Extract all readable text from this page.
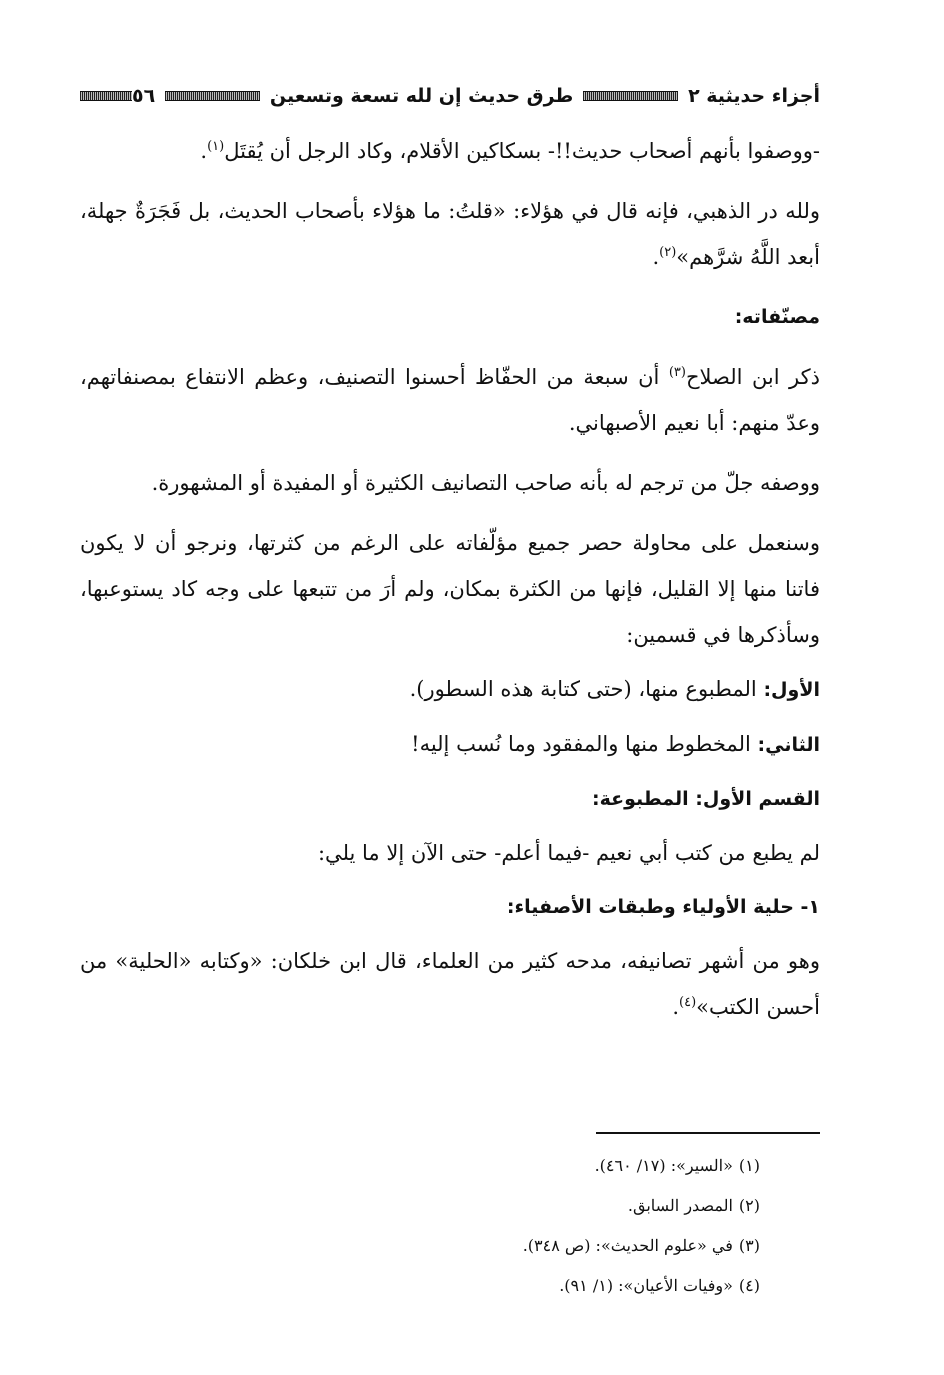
أجزاء حديثية ٢
طرق حديث إن لله تسعة وتسعين
٥٦

-ووصفوا بأنهم أصحاب حديث!!- بسكاكين الأقلام، وكاد الرجل أن يُقتَل$^{(١)}$.

ولله در الذهبي، فإنه قال في هؤلاء: «قلتُ: ما هؤلاء بأصحاب الحديث، بل فَجَرَةٌ جهلة، أبعد اللَّهُ شرَّهم»$^{(٢)}$.

مصنّفاته:

ذكر ابن الصلاح$^{(٣)}$ أن سبعة من الحفّاظ أحسنوا التصنيف، وعظم الانتفاع بمصنفاتهم، وعدّ منهم: أبا نعيم الأصبهاني.

ووصفه جلّ من ترجم له بأنه صاحب التصانيف الكثيرة أو المفيدة أو المشهورة.

وسنعمل على محاولة حصر جميع مؤلّفاته على الرغم من كثرتها، ونرجو أن لا يكون فاتنا منها إلا القليل، فإنها من الكثرة بمكان، ولم أرَ من تتبعها على وجه كاد يستوعبها، وسأذكرها في قسمين:

الأول: المطبوع منها، (حتى كتابة هذه السطور).

الثاني: المخطوط منها والمفقود وما نُسب إليه!

القسم الأول: المطبوعة:

لم يطبع من كتب أبي نعيم -فيما أعلم- حتى الآن إلا ما يلي:

١- حلية الأولياء وطبقات الأصفياء:

وهو من أشهر تصانيفه، مدحه كثير من العلماء، قال ابن خلكان: «وكتابه «الحلية» من أحسن الكتب»$^{(٤)}$.

(١)«السير»: (١٧/ ٤٦٠).

(٢)المصدر السابق.

(٣)في «علوم الحديث»: (ص ٣٤٨).

(٤)«وفيات الأعيان»: (١/ ٩١).
